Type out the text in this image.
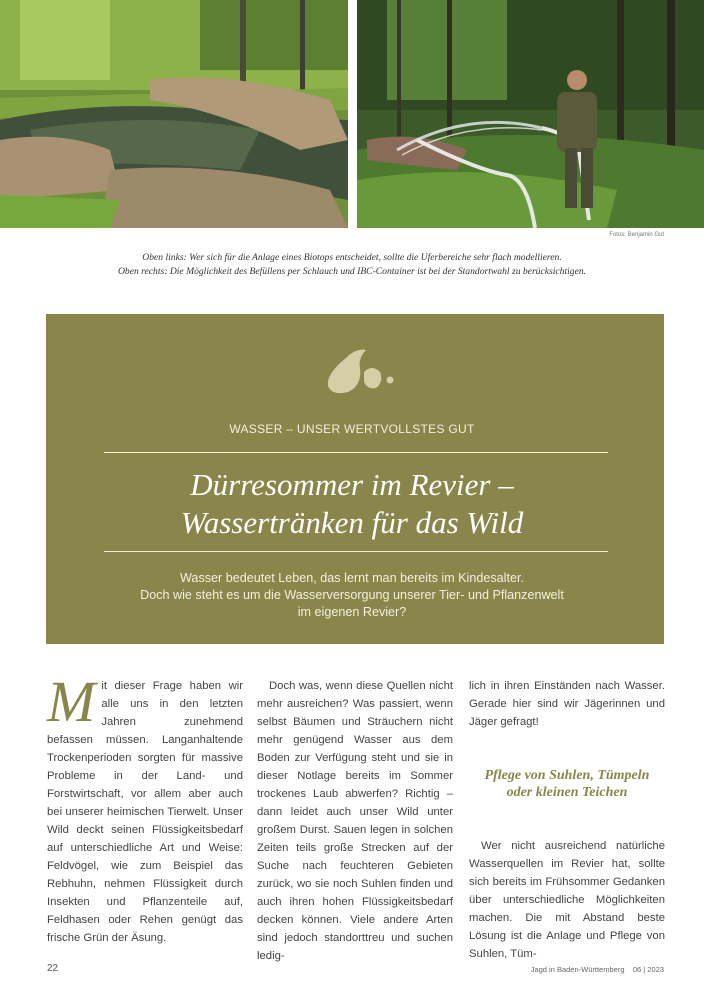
Fotos: Benjamin Gut

Oben links: Wer sich für die Anlage eines Biotops entscheidet, sollte die Uferbereiche sehr flach modellieren.

Oben rechts: Die Möglichkeit des Befüllens per Schlauch und IBC-Container ist bei der Standortwahl zu berücksichtigen.

WASSER – UNSER WERTVOLLSTES GUT

Dürresommer im Revier –

Wassertränken für das Wild

Wasser bedeutet Leben, das lernt man bereits im Kindesalter.

Doch wie steht es um die Wasserversorgung unserer Tier- und Pflanzenwelt

im eigenen Revier?

M it dieser Frage haben wir alle uns in den letzten Jahren zunehmend befassen müssen. Langanhaltende Trockenperioden sorgten für massive Probleme in der Land- und Forstwirtschaft, vor allem aber auch bei unserer heimischen Tierwelt. Unser Wild deckt seinen Flüssigkeitsbedarf auf unterschiedliche Art und Weise: Feldvögel, wie zum Beispiel das Rebhuhn, nehmen Flüssigkeit durch Insekten und Pflanzenteile auf, Feldhasen oder Rehen genügt das frische Grün der Äsung.

Doch was, wenn diese Quellen nicht mehr ausreichen? Was passiert, wenn selbst Bäumen und Sträuchern nicht mehr genügend Wasser aus dem Boden zur Verfügung steht und sie in dieser Notlage bereits im Sommer trockenes Laub abwerfen? Richtig – dann leidet auch unser Wild unter großem Durst. Sauen legen in solchen Zeiten teils große Strecken auf der Suche nach feuchteren Gebieten zurück, wo sie noch Suhlen finden und auch ihren hohen Flüssigkeitsbedarf decken können. Viele andere Arten sind jedoch standorttreu und suchen ledig-

lich in ihren Einständen nach Wasser. Gerade hier sind wir Jägerinnen und Jäger gefragt!

Pflege von Suhlen, Tümpeln
oder kleinen Teichen

Wer nicht ausreichend natürliche Wasserquellen im Revier hat, sollte sich bereits im Frühsommer Gedanken über unterschiedliche Möglichkeiten machen. Die mit Abstand beste Lösung ist die Anlage und Pflege von Suhlen, Tüm-

22	Jagd in Baden-Württemberg 06 | 2023
